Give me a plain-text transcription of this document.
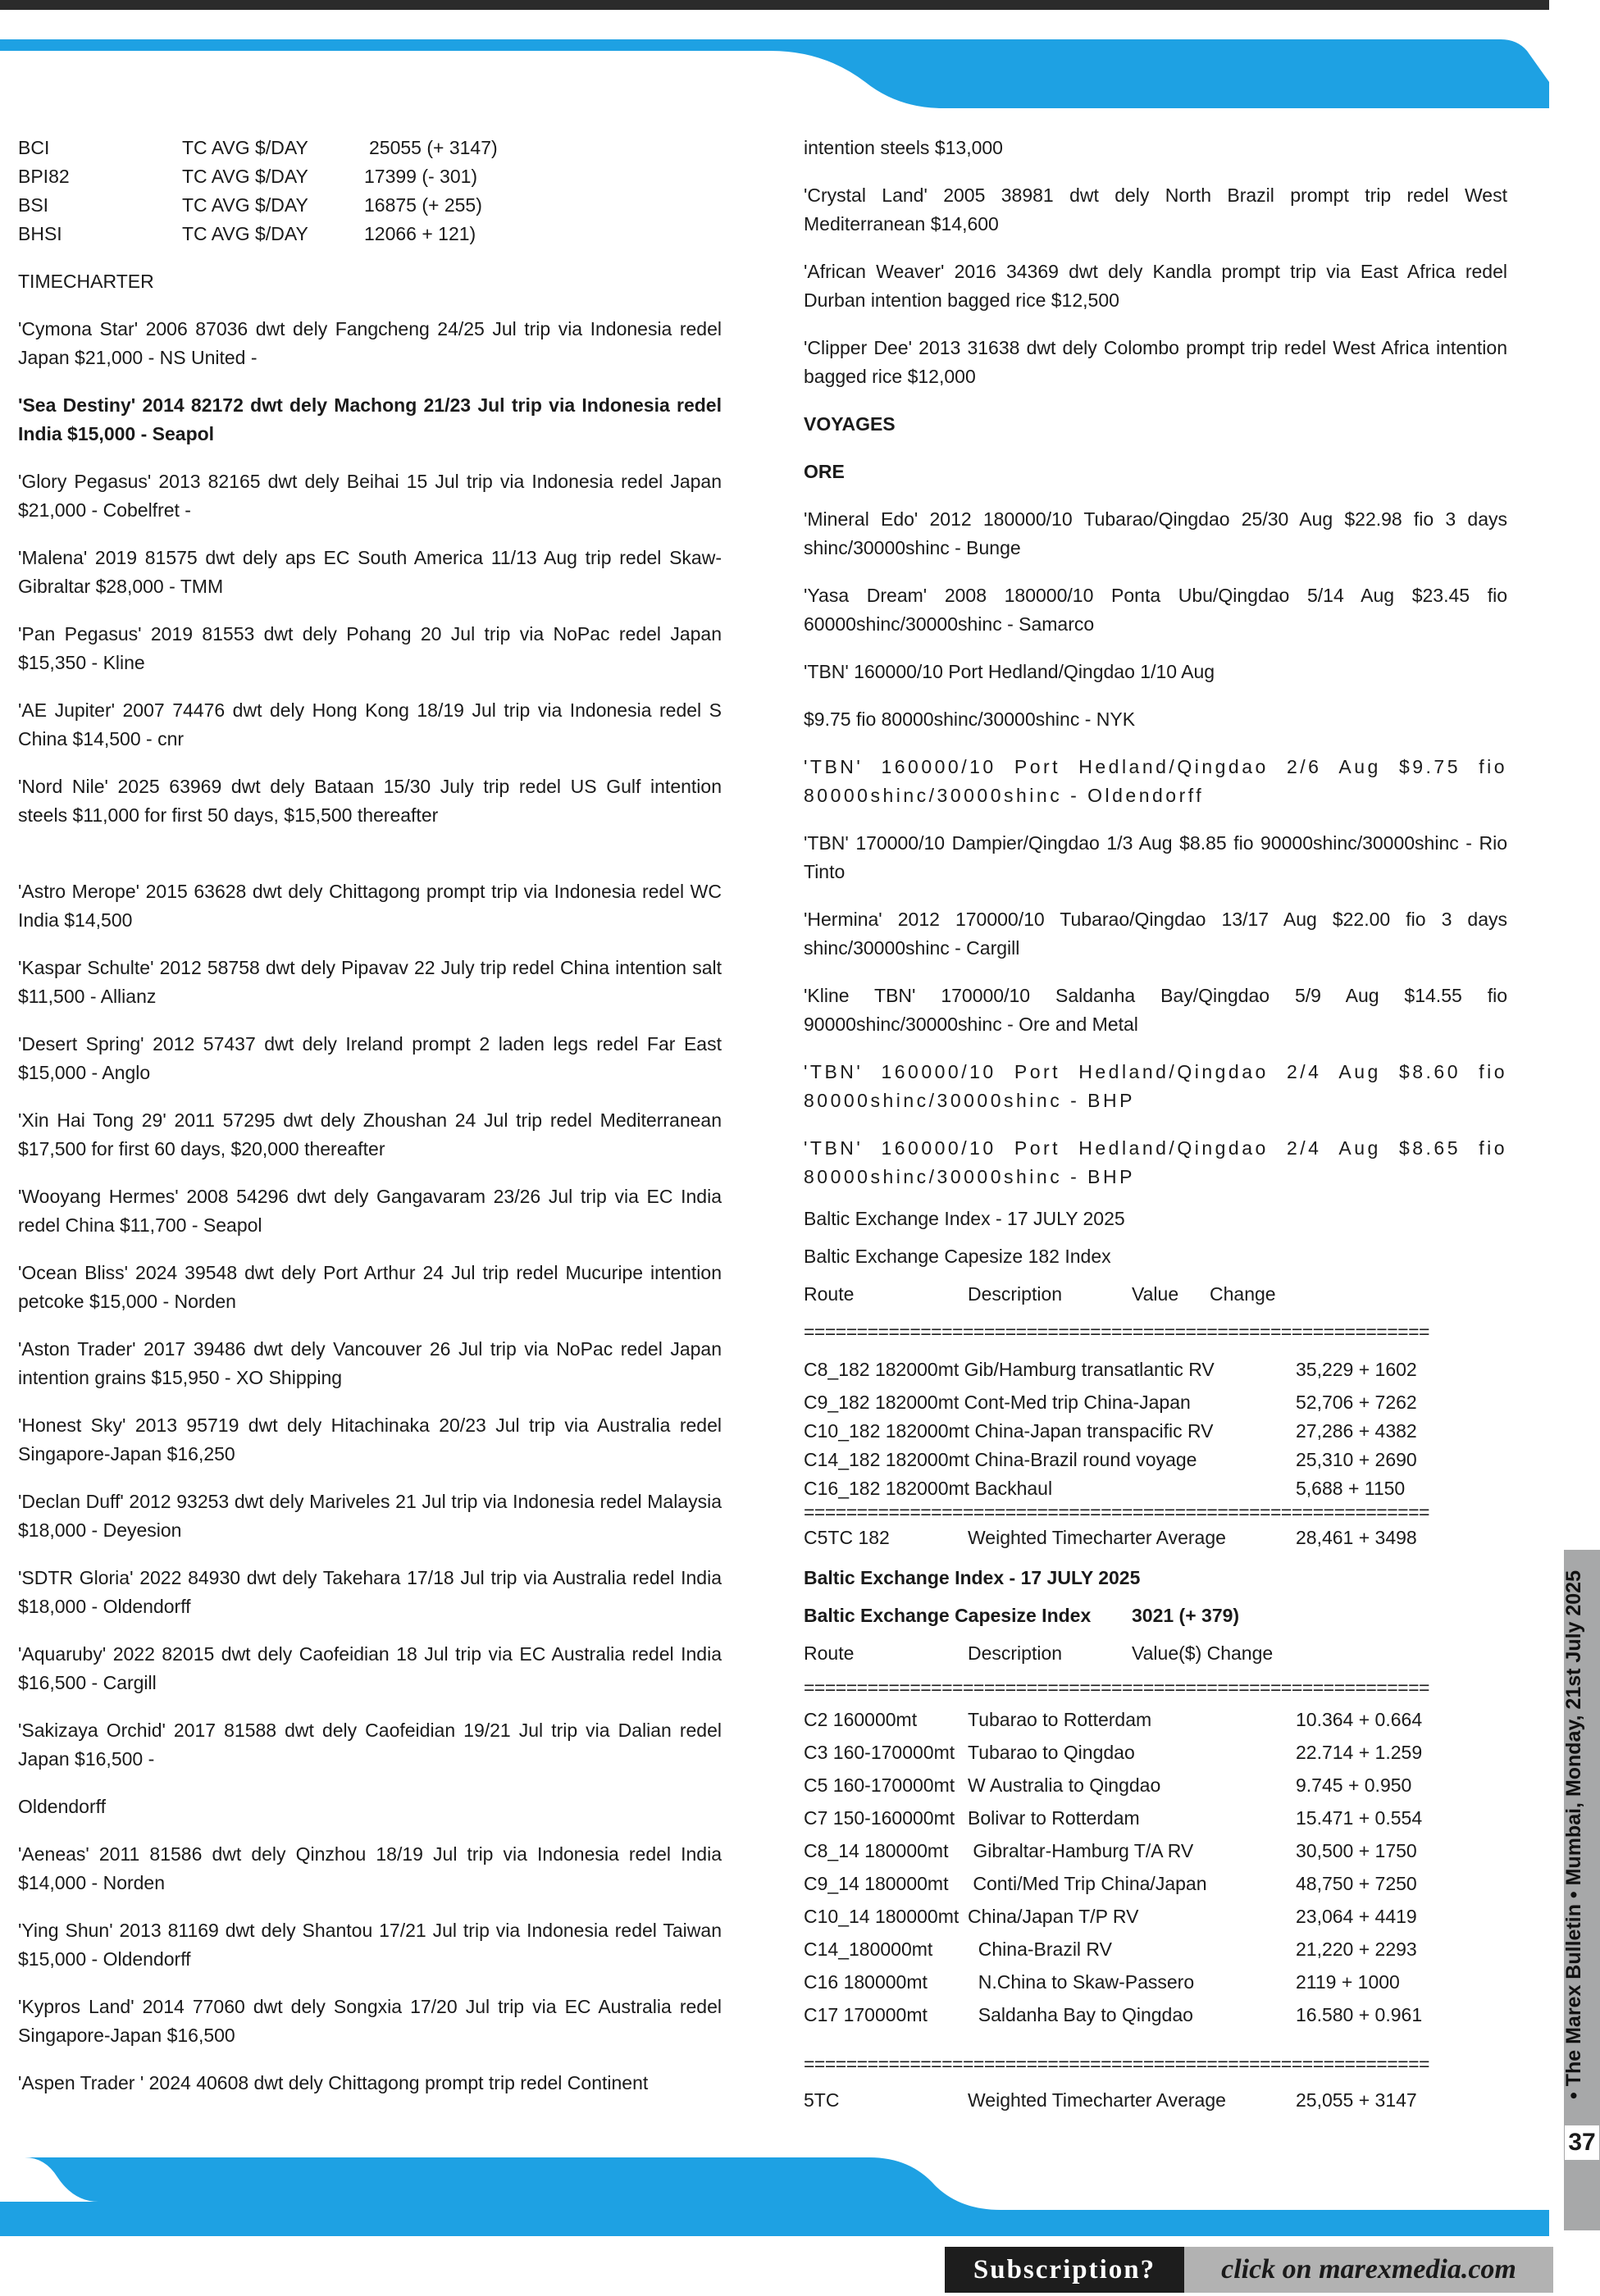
BCI	TC AVG $/DAY	25055 (+ 3147)
BPI82	TC AVG $/DAY	17399 (- 301)
BSI	TC AVG $/DAY	16875 (+ 255)
BHSI	TC AVG $/DAY	12066 + 121)

TIMECHARTER

'Cymona Star' 2006 87036 dwt dely Fangcheng 24/25 Jul trip via Indonesia redel Japan $21,000 - NS United -

'Sea Destiny' 2014 82172 dwt dely Machong 21/23 Jul trip via Indonesia redel India $15,000 - Seapol

'Glory Pegasus' 2013 82165 dwt dely Beihai 15 Jul trip via Indonesia redel Japan $21,000 - Cobelfret -

'Malena' 2019 81575 dwt dely aps EC South America 11/13 Aug trip redel Skaw-Gibraltar $28,000 - TMM

'Pan Pegasus' 2019 81553 dwt dely Pohang 20 Jul trip via NoPac redel Japan $15,350 - Kline

'AE Jupiter' 2007 74476 dwt dely Hong Kong 18/19 Jul trip via Indonesia redel S China $14,500 - cnr

'Nord Nile' 2025 63969 dwt dely Bataan 15/30 July trip redel US Gulf intention  steels $11,000 for first 50 days, $15,500 thereafter

'Astro Merope' 2015 63628 dwt dely Chittagong prompt trip via Indonesia redel WC India $14,500

'Kaspar Schulte' 2012 58758 dwt dely Pipavav 22 July trip redel China intention salt $11,500 - Allianz

'Desert Spring' 2012 57437 dwt dely Ireland prompt 2 laden legs redel Far East $15,000 - Anglo

'Xin Hai Tong 29' 2011 57295 dwt dely Zhoushan 24 Jul trip redel Mediterranean $17,500 for first 60 days, $20,000 thereafter

'Wooyang Hermes' 2008 54296 dwt dely Gangavaram 23/26 Jul trip via EC India redel China $11,700 - Seapol

'Ocean Bliss' 2024 39548 dwt dely Port Arthur 24 Jul trip redel Mucuripe intention petcoke $15,000 - Norden

'Aston Trader' 2017 39486 dwt dely Vancouver 26 Jul trip via NoPac redel Japan intention grains $15,950 - XO Shipping

'Honest Sky' 2013 95719 dwt dely Hitachinaka 20/23 Jul trip via Australia redel Singapore-Japan $16,250

'Declan Duff' 2012 93253 dwt dely Mariveles 21 Jul trip via Indonesia redel Malaysia $18,000 - Deyesion

'SDTR Gloria' 2022 84930 dwt dely Takehara 17/18 Jul trip via Australia redel India $18,000 - Oldendorff

'Aquaruby' 2022 82015 dwt dely Caofeidian 18 Jul trip via EC Australia redel India $16,500 - Cargill

'Sakizaya Orchid' 2017 81588 dwt dely Caofeidian 19/21 Jul trip via Dalian redel Japan $16,500 -

Oldendorff

'Aeneas' 2011 81586 dwt dely Qinzhou 18/19 Jul trip via Indonesia redel India $14,000 - Norden

'Ying Shun' 2013 81169 dwt dely Shantou 17/21 Jul trip via Indonesia redel Taiwan $15,000 - Oldendorff

'Kypros Land' 2014 77060 dwt dely Songxia 17/20 Jul trip via EC Australia redel Singapore-Japan $16,500

'Aspen Trader ' 2024 40608 dwt dely Chittagong prompt trip redel Continent

intention steels $13,000

'Crystal Land' 2005 38981 dwt dely North Brazil prompt trip redel West Mediterranean $14,600

'African Weaver' 2016 34369 dwt dely Kandla prompt trip via East Africa redel Durban intention bagged rice $12,500

'Clipper Dee' 2013 31638 dwt dely Colombo prompt trip redel West Africa intention bagged rice $12,000

VOYAGES

ORE

'Mineral Edo' 2012 180000/10 Tubarao/Qingdao 25/30 Aug $22.98 fio 3 days shinc/30000shinc - Bunge

'Yasa Dream' 2008 180000/10 Ponta Ubu/Qingdao 5/14 Aug $23.45 fio 60000shinc/30000shinc - Samarco

'TBN' 160000/10 Port Hedland/Qingdao 1/10 Aug

$9.75 fio 80000shinc/30000shinc - NYK

'TBN' 160000/10 Port Hedland/Qingdao 2/6 Aug $9.75 fio 80000shinc/30000shinc - Oldendorff

'TBN' 170000/10 Dampier/Qingdao 1/3 Aug $8.85 fio 90000shinc/30000shinc - Rio Tinto

'Hermina' 2012 170000/10 Tubarao/Qingdao 13/17 Aug $22.00 fio 3 days shinc/30000shinc - Cargill

'Kline TBN' 170000/10 Saldanha Bay/Qingdao 5/9 Aug $14.55 fio 90000shinc/30000shinc - Ore and Metal

'TBN' 160000/10 Port Hedland/Qingdao 2/4 Aug $8.60 fio 80000shinc/30000shinc - BHP

'TBN' 160000/10 Port Hedland/Qingdao 2/4 Aug $8.65 fio 80000shinc/30000shinc - BHP

Baltic Exchange Index - 17 JULY 2025
Baltic Exchange Capesize 182 Index
Route	Description	Value	Change
===========================================================
C8_182 182000mt Gib/Hamburg transatlantic RV	35,229 + 1602
C9_182 182000mt Cont-Med trip China-Japan	52,706 + 7262
C10_182 182000mt China-Japan transpacific RV	27,286 + 4382
C14_182 182000mt China-Brazil round voyage	25,310 + 2690
C16_182 182000mt Backhaul	5,688 + 1150
===========================================================
C5TC 182	Weighted Timecharter Average	28,461 + 3498
Baltic Exchange Index - 17 JULY 2025
Baltic Exchange Capesize Index	3021 (+ 379)
Route	Description	Value($) Change
===========================================================
C2 160000mt	Tubarao to Rotterdam	10.364 + 0.664
C3 160-170000mt Tubarao to Qingdao	22.714 + 1.259
C5 160-170000mt W Australia to Qingdao	9.745 + 0.950
C7 150-160000mt Bolivar to Rotterdam	15.471 + 0.554
C8_14 180000mt	Gibraltar-Hamburg T/A RV	30,500 + 1750
C9_14 180000mt	Conti/Med Trip China/Japan	48,750 + 7250
C10_14 180000mt China/Japan T/P RV	23,064 + 4419
C14_180000mt	China-Brazil RV	21,220 + 2293
C16 180000mt	N.China to Skaw-Passero	2119 + 1000
C17 170000mt	Saldanha Bay to Qingdao	16.580 + 0.961
===========================================================
5TC	Weighted Timecharter Average	25,055 + 3147
• The Marex Bulletin • Mumbai, Monday, 21st July 2025
37
Subscription?	click on marexmedia.com
